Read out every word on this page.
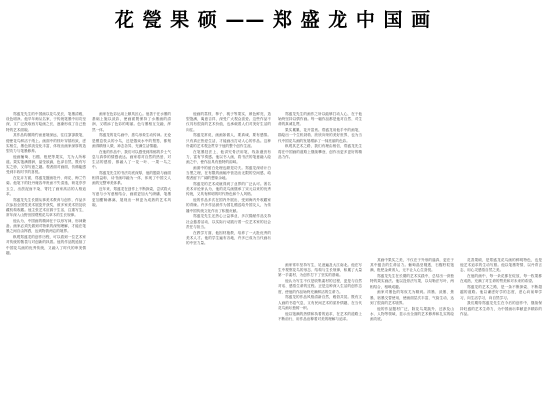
花 甇 果 硕 —— 郑 盛 龙 中 国 画

郑盛龙先生的中国画以花鸟见长，笔墨清雅，设色明净。他早年师从名家，于传统笔墨中用功至深，又广泛汲取西方绘画之长，逐渐形成了自己独特的艺术面貌。

其作品构图简约而意境深远，往往寥寥数笔，便使花鸟鲜活于纸上。画面中的枝叶穿插有致，虚实相生，墨色浓淡变化丰富，体现出画家深厚的造型功力与笔墨修养。

他画葡萄、石榴、枇杷等果实，尤为人所称道。果实饱满圆润，晶莹欲滴，色泽自然，既有写实之妙，又得写意之趣。观者面对画面，仿佛能感受到丰收时节的喜悦。

在花卉方面，郑盛龙擅画牡丹、荷花、梅兰竹菊。他笔下的牡丹雍容华贵而不失清逸，荷花亭亭玉立，出淤泥而不染，寄托了画家高洁的人格追求。

郑盛龙先生长期从事美术教育与创作，作品多次参加全国性美术展览并获奖，被多家美术馆及收藏机构收藏。他主张艺术应源于生活，注重写生，常年深入山野田园观察花鸟草木的生长规律。

他认为，中国画的精神在于以形写神，形神兼备。画家必须先做到对物象的深刻理解，才能在笔墨之间自由挥洒，达到物我两忘的境界。

纵观郑盛龙的创作历程，可以看到一位艺术家对传统的敬畏与对创新的执着。他的作品既延续了中国花鸟画的优秀传统，又融入了时代的审美情趣。

画家在色彩运用上颇具匠心。他善于在水墨的基础上施以淡彩，使画面既保持了水墨画的清润，又增添了色彩的明丽。色与墨相互交融，浑然一体。

郑盛龙的花鸟画中，禽鸟形象生动传神。无论是栖息枝头的小鸟，还是嬉戏水中的鸳鸯，都刻画得精细入微，神态各异，充满生活情趣。

在他的作品中，我们可以感受到浓郁的乡土气息与真挚的情感表达。画家将对自然的热爱、对生活的感悟，都融入了一花一叶、一果一鸟之中。

郑盛龙先生的书法功底深厚，他的题款与画面相得益彰，诗书画印融为一体，体现了中国文人画的完整审美体系。

近年来，郑盛龙在创作上不断探索，尝试将大写意与小写意相结合，画面更加大气磅礴，笔墨更加酣畅淋漓，展现出一种更为成熟的艺术风貌。

他画的荔枝、柿子、桃子等果实，颜色鲜亮，造型饱满，寓意吉祥，深受广大观众喜爱。这些作品不仅具有很高的艺术价值，也承载着人们对美好生活的向往。

郑盛龙常说，画画如做人，要真诚，要有感情。只有真正热爱生活，才能画出打动人心的作品。这种朴素的艺术观念贯穿于他的整个创作生涯。

在笔墨技法上，他讲究骨法用笔，线条遒劲有力，富有节奏感。他以书入画，将书法的笔意融入绘画之中，使作品具有独特的韵味。

画面中的留白处理也颇见功夫。郑盛龙深谙计白当黑之理，在有限的画幅中营造出无限的空间感，给观者留下广阔的想象余地。

郑盛龙的艺术成就得到了业界的广泛认可。著名美术评论家认为，他的花鸟画继承了宋元以来的优秀传统，又具有鲜明的时代特色和个人风格。

他的作品多次在国内外展出，受到海内外收藏家的青睐。许多作品被作为国礼赠送给外国友人，为传播中国传统文化作出了积极贡献。

郑盛龙先生还热心公益事业，多次捐献作品支持社会慈善活动，以实际行动践行着一位艺术家的社会责任与担当。

在教学方面，他因材施教，培养了一大批优秀的美术人才。他的学生遍布各地，许多已成为当代画坛的中坚力量。

郑盛龙先生的画作之所以能够打动人心，在于他始终坚持以情作画。每一幅作品都是他对自然、对生命的真诚礼赞。

果实累累，花开富贵。郑盛龙用他手中的画笔，描绘出一个生机勃勃、欣欣向荣的美好世界，也为当代中国花鸟画的发展增添了一抹亮丽的色彩。

纵观其艺术之路，我们有理由相信，郑盛龙先生将在中国画的道路上继续攀登，创作出更多更好的精品力作。

画家常年坚持写生，足迹遍及大江南北。他在写生中观察花鸟的形态、结构与生长规律，积累了大量第一手素材，为创作打下了坚实的基础。

他认为写生不仅是收集素材的过程，更是与自然对话、感悟生命的过程。正是这种深入生活的创作态度，使他的作品始终充满鲜活的生命力。

郑盛龙的作品风格清新自然，雅俗共赏。既有文人画的书卷气息，又有民间艺术的质朴情趣，在当代花鸟画坛独树一帜。

他以饱满的热情和执着的追求，在艺术的道路上不断前行，用作品诠释着对美的理解与追求。

其画中果实之美，不仅在于外形的逼真，更在于其中蕴含的生命活力。葡萄晶莹剔透，石榴籽粒饱满，枇杷金黄诱人，无不让人心生喜悦。

郑盛龙先生在长期的艺术实践中，总结出一套独特的果实画法。他以没骨法写果，以勾勒法写叶，两相结合，相映成趣。

画家对墨色的驾驭尤为精到。浓墨、淡墨、焦墨、宿墨交替使用，使画面层次丰富，气韵生动，达到了很高的艺术境界。

他的作品题材广泛，除花鸟果蔬外，还涉及山水、人物等领域，显示出全面的艺术修养和扎实的绘画功底。

花香果硕，是郑盛龙花鸟画的鲜明特色，也是他艺术追求的生动写照。他以笔墨寄情，以丹青言志，用心灵感悟自然之美。

在他的画中，每一朵花都在绽放，每一枚果都在成熟，充满了对生命的赞美和对未来的希望。

郑盛龙的艺术之路，是一条不断探索、不断超越的道路。他以谦虚好学的态度，虚心向前辈学习，向生活学习，向自然学习。

我们期待郑盛龙先生在今后的创作中，继续保持旺盛的艺术生命力，为中国画坛奉献更多精彩的作品。
